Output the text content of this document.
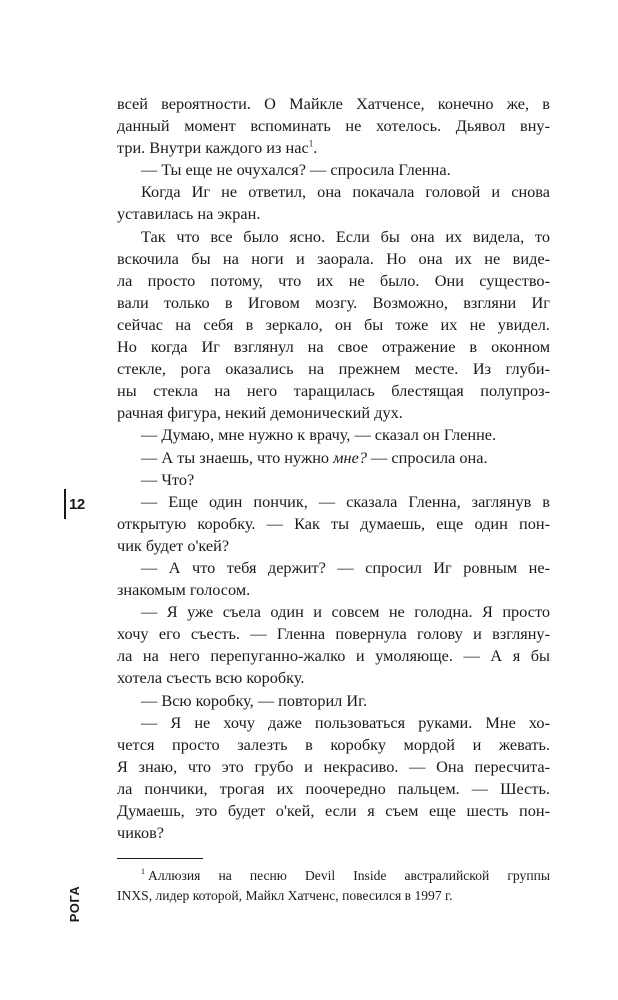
всей вероятности. О Майкле Хатченсе, конечно же, в
данный момент вспоминать не хотелось. Дьявол вну-
три. Внутри каждого из нас$^1$.
— Ты еще не очухался? — спросила Гленна.
Когда Иг не ответил, она покачала головой и снова
уставилась на экран.
Так что все было ясно. Если бы она их видела, то
вскочила бы на ноги и заорала. Но она их не виде-
ла просто потому, что их не было. Они существо-
вали только в Иговом мозгу. Возможно, взгляни Иг
сейчас на себя в зеркало, он бы тоже их не увидел.
Но когда Иг взглянул на свое отражение в оконном
стекле, рога оказались на прежнем месте. Из глуби-
ны стекла на него таращилась блестящая полупроз-
рачная фигура, некий демонический дух.
— Думаю, мне нужно к врачу, — сказал он Гленне.
— А ты знаешь, что нужно мне? — спросила она.
— Что?
— Еще один пончик, — сказала Гленна, заглянув в
открытую коробку. — Как ты думаешь, еще один пон-
чик будет о'кей?
— А что тебя держит? — спросил Иг ровным не-
знакомым голосом.
— Я уже съела один и совсем не голодна. Я просто
хочу его съесть. — Гленна повернула голову и взгляну-
ла на него перепуганно-жалко и умоляюще. — А я бы
хотела съесть всю коробку.
— Всю коробку, — повторил Иг.
— Я не хочу даже пользоваться руками. Мне хо-
чется просто залезть в коробку мордой и жевать.
Я знаю, что это грубо и некрасиво. — Она пересчита-
ла пончики, трогая их поочередно пальцем. — Шесть.
Думаешь, это будет о'кей, если я съем еще шесть пон-
чиков?
12
$^1$ Аллюзия на песню Devil Inside австралийской группы
INXS, лидер которой, Майкл Хатченс, повесился в 1997 г.
РОГА
